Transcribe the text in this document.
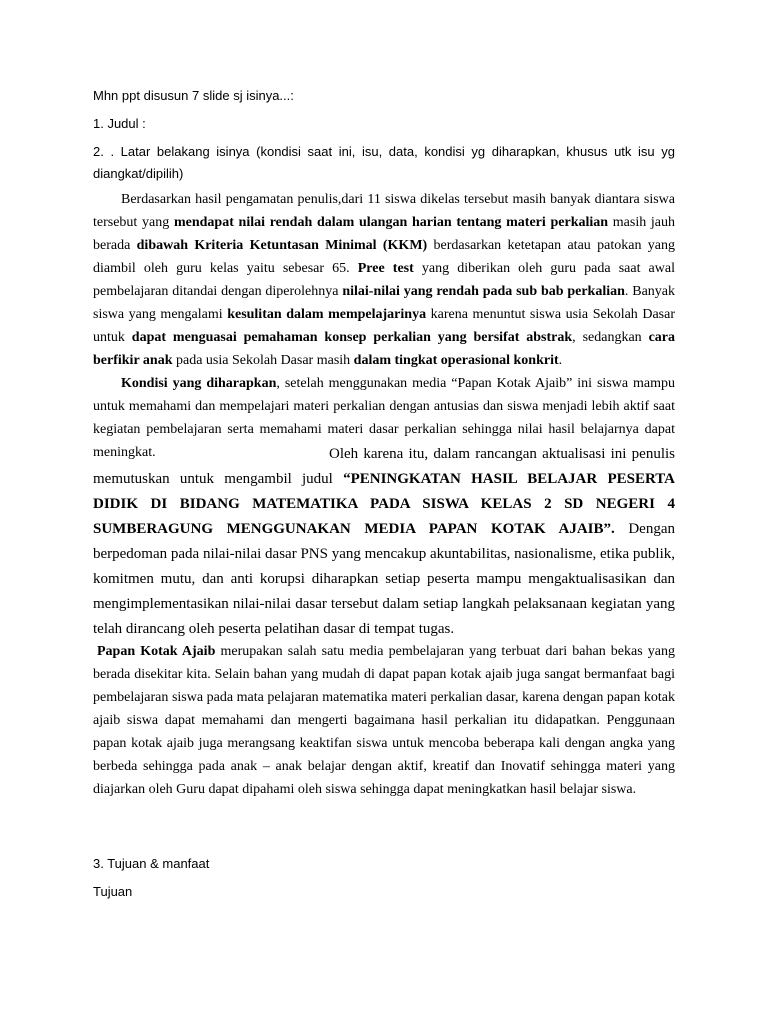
Mhn ppt disusun 7 slide sj isinya...:

1. Judul :

2. . Latar belakang isinya (kondisi saat ini, isu, data, kondisi yg diharapkan, khusus utk isu yg diangkat/dipilih)

Berdasarkan hasil pengamatan penulis,dari 11 siswa dikelas tersebut masih banyak diantara siswa tersebut yang mendapat nilai rendah dalam ulangan harian tentang materi perkalian masih jauh berada dibawah Kriteria Ketuntasan Minimal (KKM) berdasarkan ketetapan atau patokan yang diambil oleh guru kelas yaitu sebesar 65. Pree test yang diberikan oleh guru pada saat awal pembelajaran ditandai dengan diperolehnya nilai-nilai yang rendah pada sub bab perkalian. Banyak siswa yang mengalami kesulitan dalam mempelajarinya karena menuntut siswa usia Sekolah Dasar untuk dapat menguasai pemahaman konsep perkalian yang bersifat abstrak, sedangkan cara berfikir anak pada usia Sekolah Dasar masih dalam tingkat operasional konkrit.

Kondisi yang diharapkan, setelah menggunakan media “Papan Kotak Ajaib” ini siswa mampu untuk memahami dan mempelajari materi perkalian dengan antusias dan siswa menjadi lebih aktif saat kegiatan pembelajaran serta memahami materi dasar perkalian sehingga nilai hasil belajarnya dapat meningkat.	Oleh karena itu, dalam rancangan aktualisasi ini penulis memutuskan untuk mengambil judul “PENINGKATAN HASIL BELAJAR PESERTA DIDIK DI BIDANG MATEMATIKA PADA SISWA KELAS 2 SD NEGERI 4 SUMBERAGUNG MENGGUNAKAN MEDIA PAPAN KOTAK AJAIB”. Dengan berpedoman pada nilai-nilai dasar PNS yang mencakup akuntabilitas, nasionalisme, etika publik, komitmen mutu, dan anti korupsi diharapkan setiap peserta mampu mengaktualisasikan dan mengimplementasikan nilai-nilai dasar tersebut dalam setiap langkah pelaksanaan kegiatan yang telah dirancang oleh peserta pelatihan dasar di tempat tugas.

Papan Kotak Ajaib merupakan salah satu media pembelajaran yang terbuat dari bahan bekas yang berada disekitar kita. Selain bahan yang mudah di dapat papan kotak ajaib juga sangat bermanfaat bagi pembelajaran siswa pada mata pelajaran matematika materi perkalian dasar, karena dengan papan kotak ajaib siswa dapat memahami dan mengerti bagaimana hasil perkalian itu didapatkan. Penggunaan papan kotak ajaib juga merangsang keaktifan siswa untuk mencoba beberapa kali dengan angka yang berbeda sehingga pada anak – anak belajar dengan aktif, kreatif dan Inovatif sehingga materi yang diajarkan oleh Guru dapat dipahami oleh siswa sehingga dapat meningkatkan hasil belajar siswa.

3. Tujuan & manfaat

Tujuan
